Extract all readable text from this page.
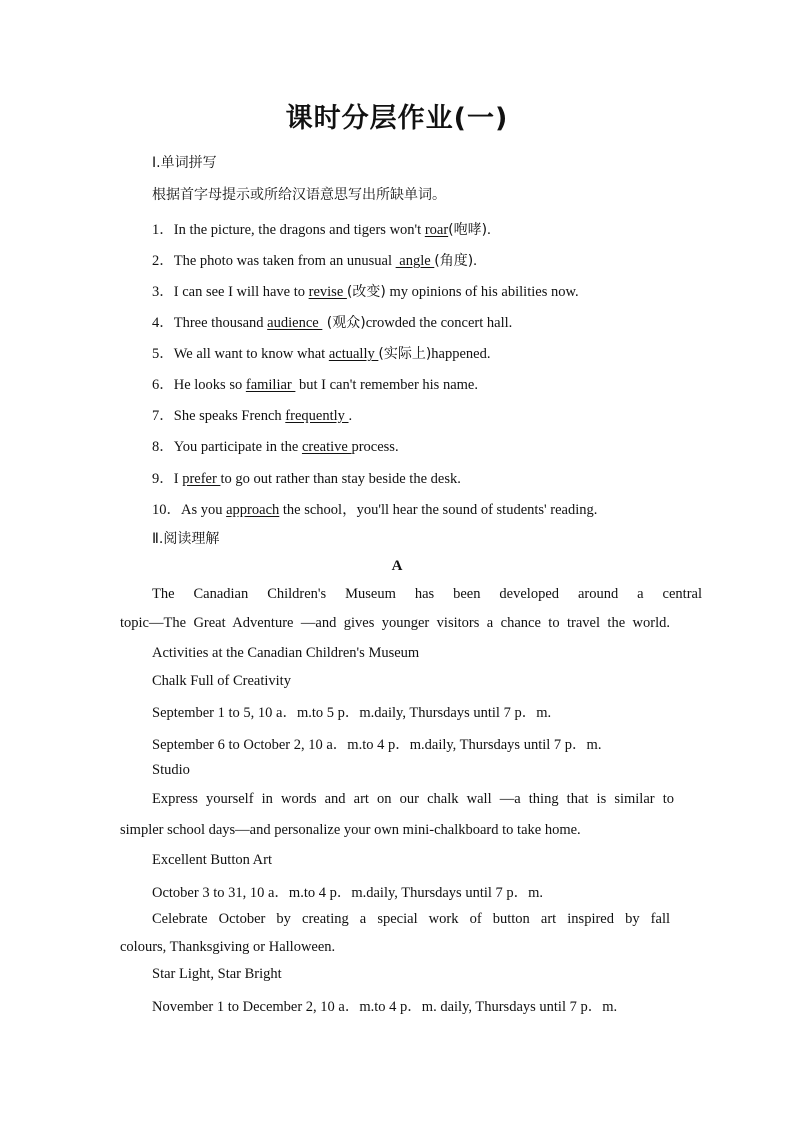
课时分层作业(一)
Ⅰ.单词拼写
根据首字母提示或所给汉语意思写出所缺单词。
1．In the picture, the dragons and tigers won't roar(咆哮).
2．The photo was taken from an unusual  angle (角度).
3．I can see I will have to revise (改变) my opinions of his abilities now.
4．Three thousand audience  (观众)crowded the concert hall.
5．We all want to know what actually (实际上)happened.
6．He looks so familiar  but I can't remember his name.
7．She speaks French frequently .
8．You participate in the creative process.
9．I prefer to go out rather than stay beside the desk.
10．As you approach the school，you'll hear the sound of students' reading.
Ⅱ.阅读理解
A
The Canadian Children's Museum has been developed around a central
topic—The Great Adventure —and gives younger visitors a chance to travel the world.
Activities at the Canadian Children's Museum
Chalk Full of Creativity
September 1 to 5, 10 a．m.to 5 p．m.daily, Thursdays until 7 p．m.
September 6 to October 2, 10 a．m.to 4 p．m.daily, Thursdays until 7 p．m.
Studio
Express yourself in words and art on our chalk wall —a thing that is similar to
simpler school days—and personalize your own mini-chalkboard to take home.
Excellent Button Art
October 3 to 31, 10 a．m.to 4 p．m.daily, Thursdays until 7 p．m.
Celebrate October by creating a special work of button art inspired by fall
colours, Thanksgiving or Halloween.
Star Light, Star Bright
November 1 to December 2, 10 a．m.to 4 p．m. daily, Thursdays until 7 p．m.
